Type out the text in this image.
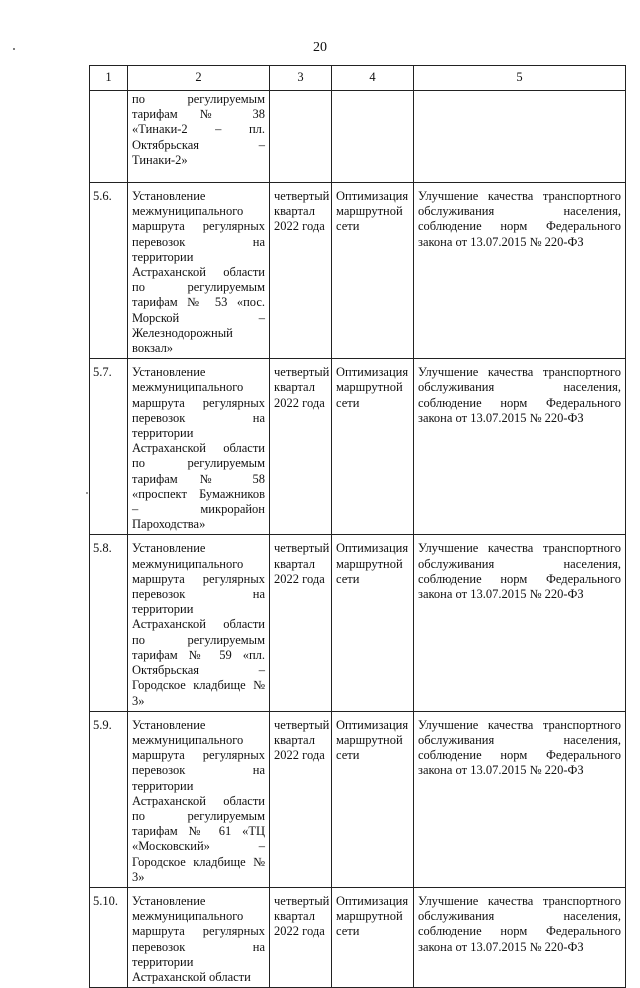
20
1	2	3	4	5
	по регулируемым тарифам № 38 «Тинаки-2 – пл. Октябрьская – Тинаки-2»			
5.6.	Установление межмуниципального маршрута регулярных перевозок на территории Астраханской области по регулируемым тарифам № 53 «пос. Морской – Железнодорожный вокзал»	четвертый квартал 2022 года	Оптимизация маршрутной сети	Улучшение качества транспортного обслуживания населения, соблюдение норм Федерального закона от 13.07.2015 № 220-ФЗ
5.7.	Установление межмуниципального маршрута регулярных перевозок на территории Астраханской области по регулируемым тарифам № 58 «проспект Бумажников – микрорайон Пароходства»	четвертый квартал 2022 года	Оптимизация маршрутной сети	Улучшение качества транспортного обслуживания населения, соблюдение норм Федерального закона от 13.07.2015 № 220-ФЗ
5.8.	Установление межмуниципального маршрута регулярных перевозок на территории Астраханской области по регулируемым тарифам № 59 «пл. Октябрьская – Городское кладбище № 3»	четвертый квартал 2022 года	Оптимизация маршрутной сети	Улучшение качества транспортного обслуживания населения, соблюдение норм Федерального закона от 13.07.2015 № 220-ФЗ
5.9.	Установление межмуниципального маршрута регулярных перевозок на территории Астраханской области по регулируемым тарифам № 61 «ТЦ «Московский» – Городское кладбище № 3»	четвертый квартал 2022 года	Оптимизация маршрутной сети	Улучшение качества транспортного обслуживания населения, соблюдение норм Федерального закона от 13.07.2015 № 220-ФЗ
5.10.	Установление межмуниципального маршрута регулярных перевозок на территории Астраханской области	четвертый квартал 2022 года	Оптимизация маршрутной сети	Улучшение качества транспортного обслуживания населения, соблюдение норм Федерального закона от 13.07.2015 № 220-ФЗ
